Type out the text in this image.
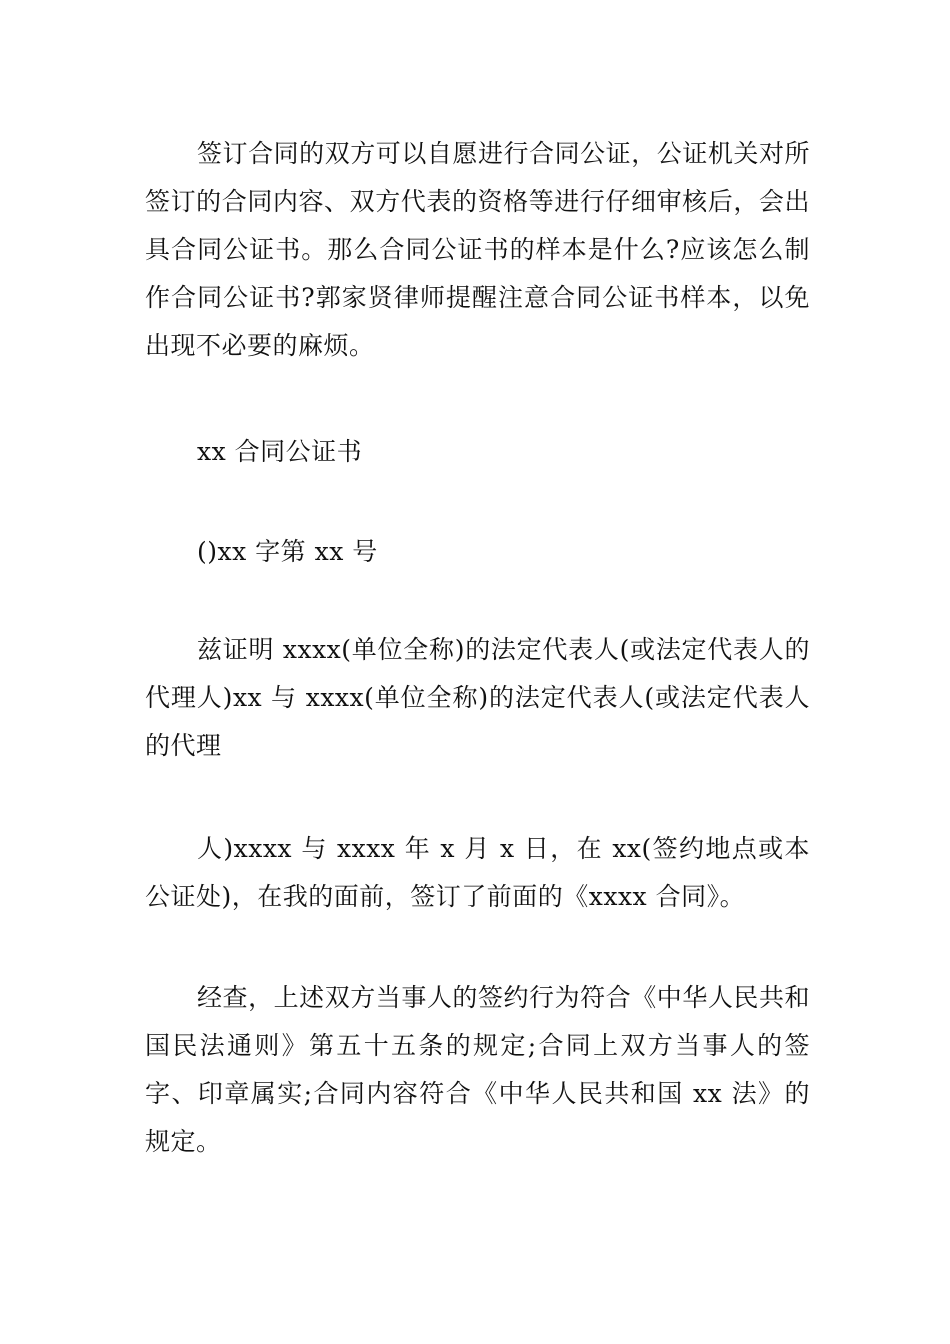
签订合同的双方可以自愿进行合同公证，公证机关对所签订的合同内容、双方代表的资格等进行仔细审核后，会出具合同公证书。那么合同公证书的样本是什么?应该怎么制作合同公证书?郭家贤律师提醒注意合同公证书样本，以免出现不必要的麻烦。

xx 合同公证书

()xx 字第 xx 号

兹证明 xxxx(单位全称)的法定代表人(或法定代表人的代理人)xx 与 xxxx(单位全称)的法定代表人(或法定代表人的代理

人)xxxx 与 xxxx 年 x 月 x 日，在 xx(签约地点或本公证处)，在我的面前，签订了前面的《xxxx 合同》。

经查，上述双方当事人的签约行为符合《中华人民共和国民法通则》第五十五条的规定;合同上双方当事人的签字、印章属实;合同内容符合《中华人民共和国 xx 法》的规定。
